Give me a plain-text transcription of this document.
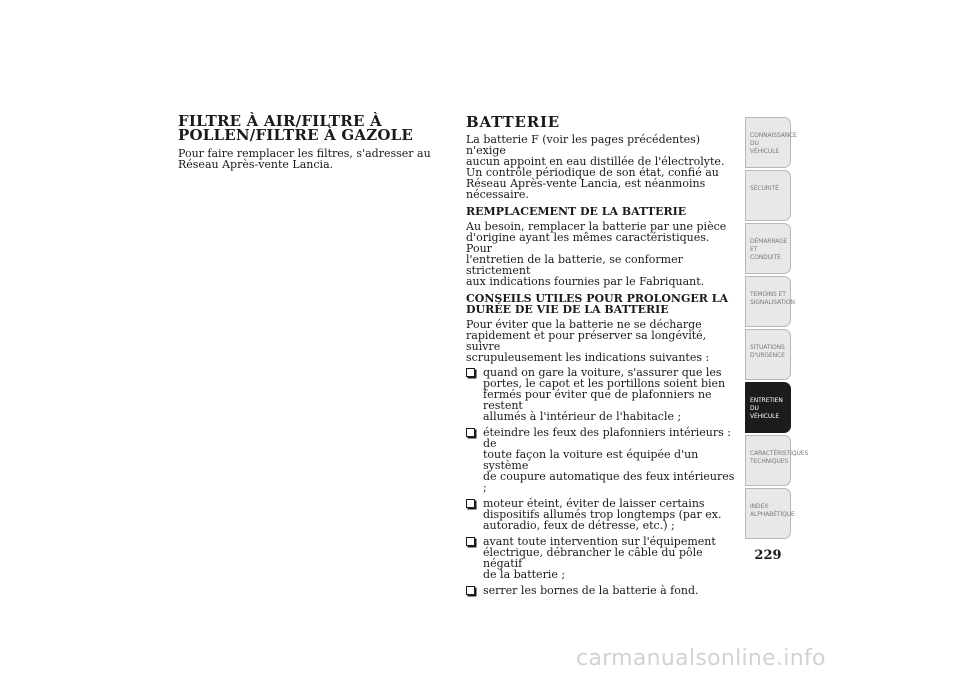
FILTRE À AIR/FILTRE À
POLLEN/FILTRE À GAZOLE

Pour faire remplacer les filtres, s'adresser au
Réseau Après-vente Lancia.

BATTERIE

La batterie F (voir les pages précédentes) n'exige
aucun appoint en eau distillée de l'électrolyte.
Un contrôle périodique de son état, confié au
Réseau Après-vente Lancia, est néanmoins
nécessaire.

REMPLACEMENT DE LA BATTERIE

Au besoin, remplacer la batterie par une pièce
d'origine ayant les mêmes caractéristiques. Pour
l'entretien de la batterie, se conformer strictement
aux indications fournies par le Fabriquant.

CONSEILS UTILES POUR PROLONGER LA
DURÉE DE VIE DE LA BATTERIE

Pour éviter que la batterie ne se décharge
rapidement et pour préserver sa longévité, suivre
scrupuleusement les indications suivantes :

quand on gare la voiture, s'assurer que les
portes, le capot et les portillons soient bien
fermés pour éviter que de plafonniers ne restent
allumés à l'intérieur de l'habitacle ;
éteindre les feux des plafonniers intérieurs : de
toute façon la voiture est équipée d'un système
de coupure automatique des feux intérieures ;
moteur éteint, éviter de laisser certains
dispositifs allumés trop longtemps (par ex.
autoradio, feux de détresse, etc.) ;
avant toute intervention sur l'équipement
électrique, débrancher le câble du pôle négatif
de la batterie ;
serrer les bornes de la batterie à fond.
CONNAISSANCE DU
VÉHICULE
SÉCURITÉ
DÉMARRAGE ET
CONDUITE
TEMOINS ET
SIGNALISATION
SITUATIONS
D'URGENCE
ENTRETIEN DU
VÉHICULE
CARACTÉRISTIQUES
TECHNIQUES
INDEX
ALPHABÉTIQUE
229
carmanualsonline.info
